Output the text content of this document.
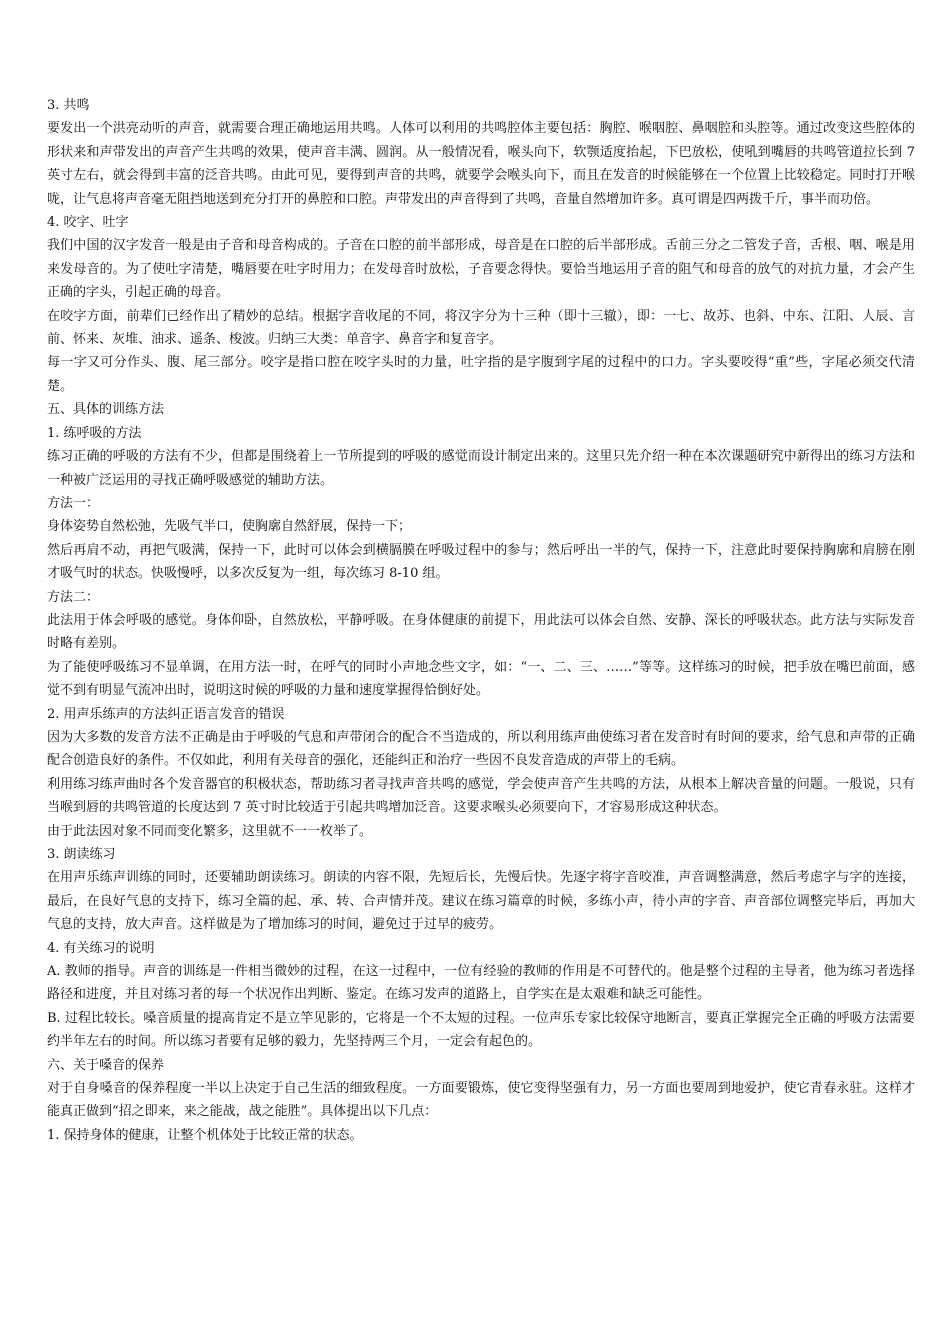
3. 共鸣

要发出一个洪亮动听的声音，就需要合理正确地运用共鸣。人体可以利用的共鸣腔体主要包括：胸腔、喉咽腔、鼻咽腔和头腔等。通过改变这些腔体的形状来和声带发出的声音产生共鸣的效果，使声音丰满、圆润。从一般情况看，喉头向下，软颚适度抬起，下巴放松，使吼到嘴唇的共鸣管道拉长到 7 英寸左右，就会得到丰富的泛音共鸣。由此可见，要得到声音的共鸣，就要学会喉头向下，而且在发音的时候能够在一个位置上比较稳定。同时打开喉咙，让气息将声音毫无阻挡地送到充分打开的鼻腔和口腔。声带发出的声音得到了共鸣，音量自然增加许多。真可谓是四两拨千斤，事半而功倍。

4. 咬字、吐字

我们中国的汉字发音一般是由子音和母音构成的。子音在口腔的前半部形成，母音是在口腔的后半部形成。舌前三分之二管发子音，舌根、咽、喉是用来发母音的。为了使吐字清楚，嘴唇要在吐字时用力；在发母音时放松，子音要念得快。要恰当地运用子音的阻气和母音的放气的对抗力量，才会产生正确的字头，引起正确的母音。

在咬字方面，前辈们已经作出了精妙的总结。根据字音收尾的不同，将汉字分为十三种（即十三辙），即：一七、故苏、也斜、中东、江阳、人辰、言前、怀来、灰堆、油求、遥条、梭波。归纳三大类：单音字、鼻音字和复音字。

每一字又可分作头、腹、尾三部分。咬字是指口腔在咬字头时的力量，吐字指的是字腹到字尾的过程中的口力。字头要咬得“重”些，字尾必须交代清楚。

五、具体的训练方法

1. 练呼吸的方法

练习正确的呼吸的方法有不少，但都是围绕着上一节所提到的呼吸的感觉而设计制定出来的。这里只先介绍一种在本次课题研究中新得出的练习方法和一种被广泛运用的寻找正确呼吸感觉的辅助方法。

方法一：

身体姿势自然松弛，先吸气半口，使胸廓自然舒展，保持一下；

然后再肩不动，再把气吸满，保持一下，此时可以体会到横膈膜在呼吸过程中的参与；然后呼出一半的气，保持一下，注意此时要保持胸廓和肩膀在刚才吸气时的状态。快吸慢呼，以多次反复为一组，每次练习 8-10 组。

方法二：

此法用于体会呼吸的感觉。身体仰卧，自然放松，平静呼吸。在身体健康的前提下，用此法可以体会自然、安静、深长的呼吸状态。此方法与实际发音时略有差别。

为了能使呼吸练习不显单调，在用方法一时，在呼气的同时小声地念些文字，如：“一、二、三、……”等等。这样练习的时候，把手放在嘴巴前面，感觉不到有明显气流冲出时，说明这时候的呼吸的力量和速度掌握得恰倒好处。

2. 用声乐练声的方法纠正语言发音的错误

因为大多数的发音方法不正确是由于呼吸的气息和声带闭合的配合不当造成的，所以利用练声曲使练习者在发音时有时间的要求，给气息和声带的正确配合创造良好的条件。不仅如此，利用有关母音的强化，还能纠正和治疗一些因不良发音造成的声带上的毛病。

利用练习练声曲时各个发音器官的积极状态，帮助练习者寻找声音共鸣的感觉，学会使声音产生共鸣的方法，从根本上解决音量的问题。一般说，只有当喉到唇的共鸣管道的长度达到 7 英寸时比较适于引起共鸣增加泛音。这要求喉头必须要向下，才容易形成这种状态。

由于此法因对象不同而变化繁多，这里就不一一枚举了。

3. 朗读练习

在用声乐练声训练的同时，还要辅助朗读练习。朗读的内容不限，先短后长，先慢后快。先逐字将字音咬准，声音调整满意，然后考虑字与字的连接，最后，在良好气息的支持下，练习全篇的起、承、转、合声情并茂。建议在练习篇章的时候，多练小声，待小声的字音、声音部位调整完毕后，再加大气息的支持，放大声音。这样做是为了增加练习的时间，避免过于过早的疲劳。

4. 有关练习的说明

A. 教师的指导。声音的训练是一件相当微妙的过程，在这一过程中，一位有经验的教师的作用是不可替代的。他是整个过程的主导者，他为练习者选择路径和进度，并且对练习者的每一个状况作出判断、鉴定。在练习发声的道路上，自学实在是太艰难和缺乏可能性。

B. 过程比较长。嗓音质量的提高肯定不是立竿见影的，它将是一个不太短的过程。一位声乐专家比较保守地断言，要真正掌握完全正确的呼吸方法需要约半年左右的时间。所以练习者要有足够的毅力，先坚持两三个月，一定会有起色的。

六、关于嗓音的保养

对于自身嗓音的保养程度一半以上决定于自己生活的细致程度。一方面要锻炼，使它变得坚强有力，另一方面也要周到地爱护，使它青春永驻。这样才能真正做到“招之即来，来之能战，战之能胜”。具体提出以下几点：

1. 保持身体的健康，让整个机体处于比较正常的状态。
